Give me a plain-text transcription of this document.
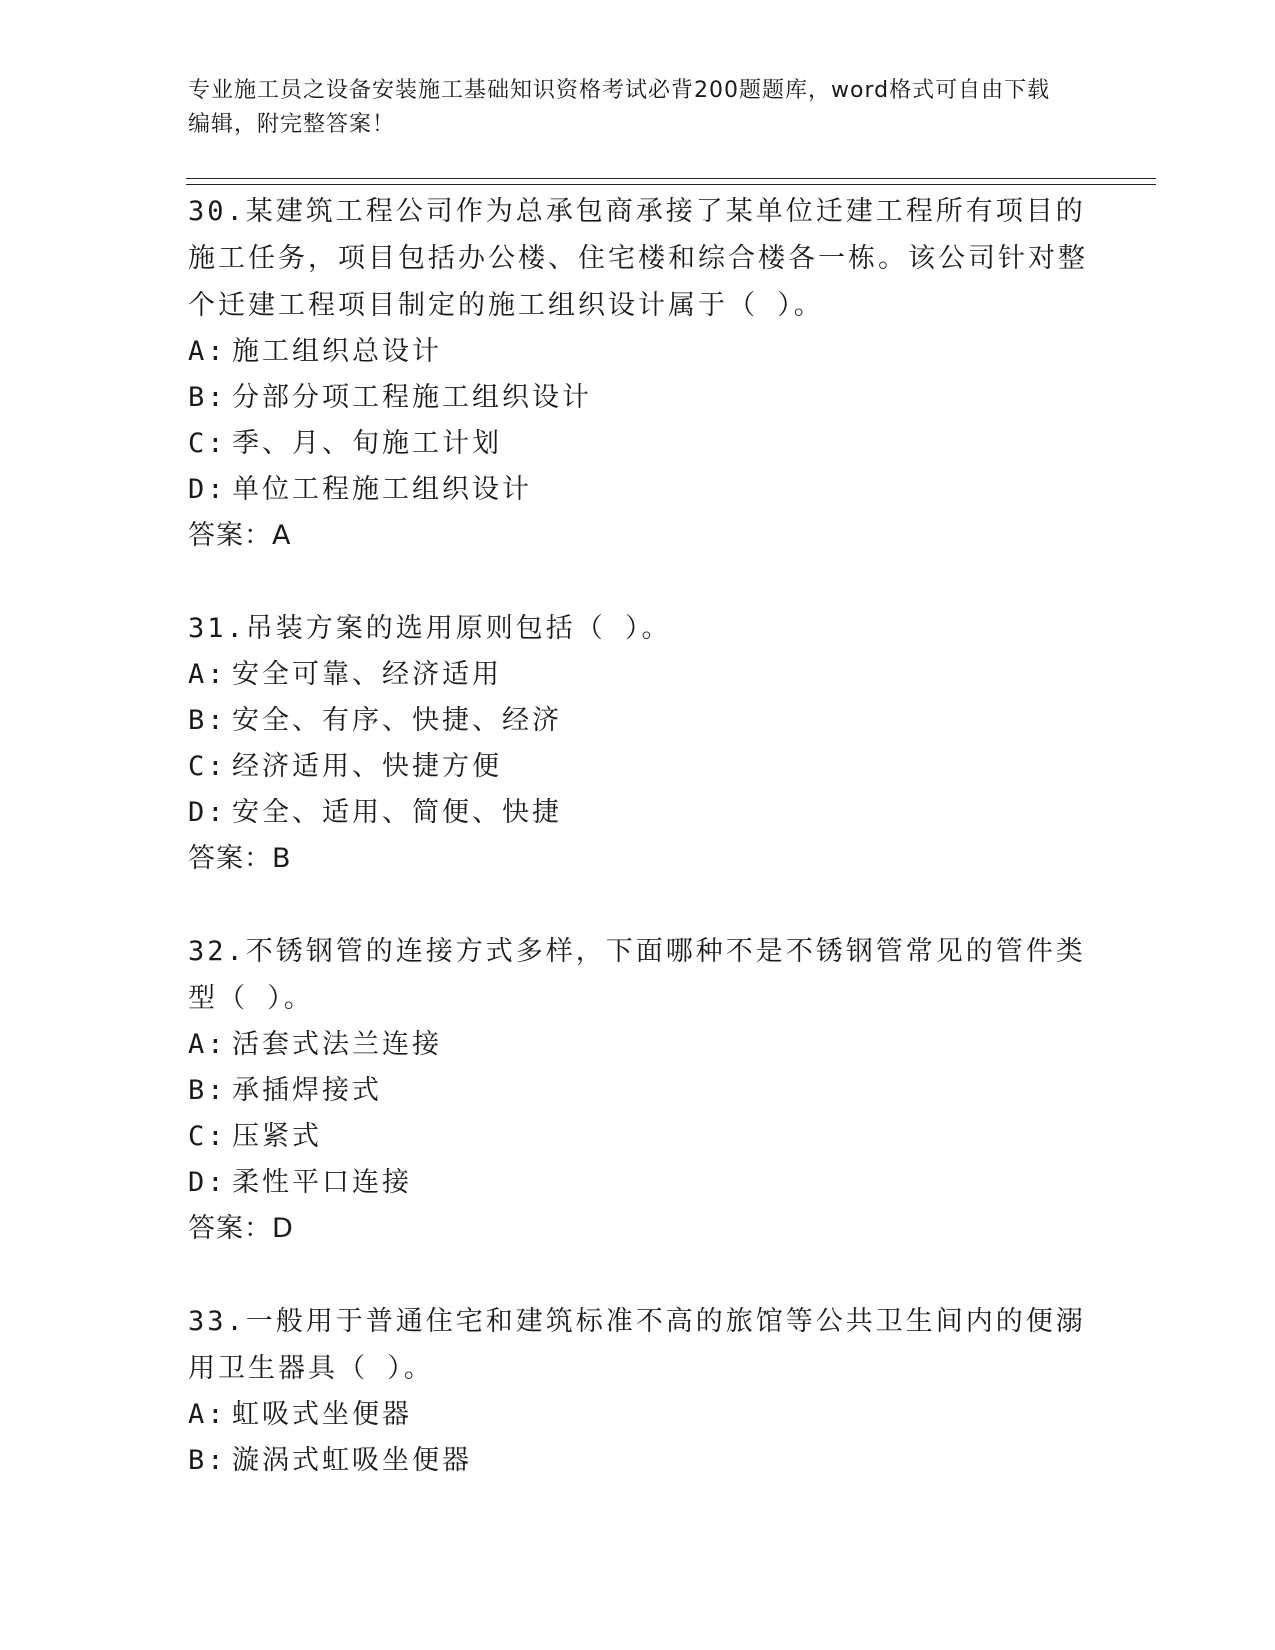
专业施工员之设备安装施工基础知识资格考试必背200题题库，word格式可自由下载编辑，附完整答案！

30.某建筑工程公司作为总承包商承接了某单位迁建工程所有项目的施工任务，项目包括办公楼、住宅楼和综合楼各一栋。该公司针对整个迁建工程项目制定的施工组织设计属于（ ）。

A: 施工组织总设计

B: 分部分项工程施工组织设计

C: 季、月、旬施工计划

D: 单位工程施工组织设计

答案：A

31.吊装方案的选用原则包括（ ）。

A: 安全可靠、经济适用

B: 安全、有序、快捷、经济

C: 经济适用、快捷方便

D: 安全、适用、简便、快捷

答案：B

32.不锈钢管的连接方式多样，下面哪种不是不锈钢管常见的管件类型（ ）。

A: 活套式法兰连接

B: 承插焊接式

C: 压紧式

D: 柔性平口连接

答案：D

33.一般用于普通住宅和建筑标准不高的旅馆等公共卫生间内的便溺用卫生器具（ ）。

A: 虹吸式坐便器

B: 漩涡式虹吸坐便器
